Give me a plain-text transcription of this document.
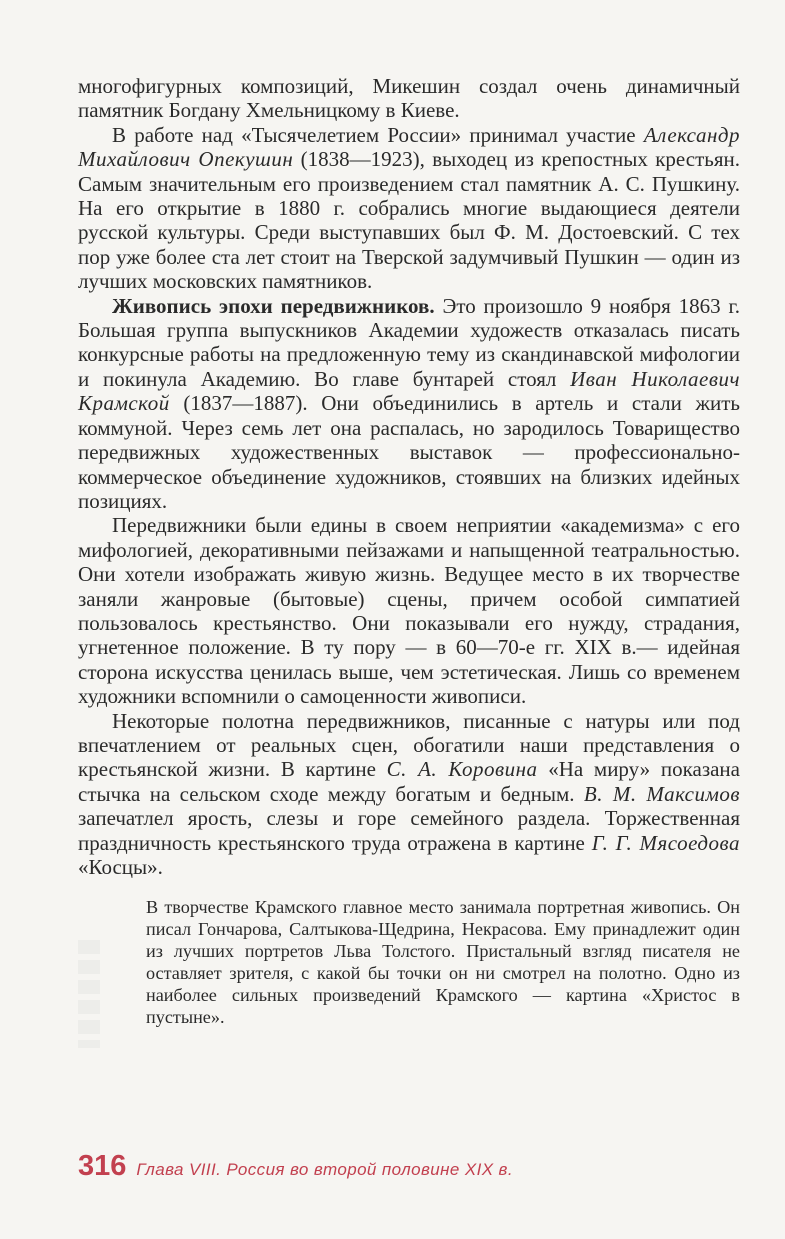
многофигурных композиций, Микешин создал очень динамичный памятник Богдану Хмельницкому в Киеве.

В работе над «Тысячелетием России» принимал участие Александр Михайлович Опекушин (1838—1923), выходец из крепостных крестьян. Самым значительным его произведением стал памятник А. С. Пушкину. На его открытие в 1880 г. собрались многие выдающиеся деятели русской культуры. Среди выступавших был Ф. М. Достоевский. С тех пор уже более ста лет стоит на Тверской задумчивый Пушкин — один из лучших московских памятников.

Живопись эпохи передвижников. Это произошло 9 ноября 1863 г. Большая группа выпускников Академии художеств отказалась писать конкурсные работы на предложенную тему из скандинавской мифологии и покинула Академию. Во главе бунтарей стоял Иван Николаевич Крамской (1837—1887). Они объединились в артель и стали жить коммуной. Через семь лет она распалась, но зародилось Товарищество передвижных художественных выставок — профессионально-коммерческое объединение художников, стоявших на близких идейных позициях.

Передвижники были едины в своем неприятии «академизма» с его мифологией, декоративными пейзажами и напыщенной театральностью. Они хотели изображать живую жизнь. Ведущее место в их творчестве заняли жанровые (бытовые) сцены, причем особой симпатией пользовалось крестьянство. Они показывали его нужду, страдания, угнетенное положение. В ту пору — в 60—70-е гг. XIX в.— идейная сторона искусства ценилась выше, чем эстетическая. Лишь со временем художники вспомнили о самоценности живописи.

Некоторые полотна передвижников, писанные с натуры или под впечатлением от реальных сцен, обогатили наши представления о крестьянской жизни. В картине С. А. Коровина «На миру» показана стычка на сельском сходе между богатым и бедным. В. М. Максимов запечатлел ярость, слезы и горе семейного раздела. Торжественная праздничность крестьянского труда отражена в картине Г. Г. Мясоедова «Косцы».

В творчестве Крамского главное место занимала портретная живопись. Он писал Гончарова, Салтыкова-Щедрина, Некрасова. Ему принадлежит один из лучших портретов Льва Толстого. Пристальный взгляд писателя не оставляет зрителя, с какой бы точки он ни смотрел на полотно. Одно из наиболее сильных произведений Крамского — картина «Христос в пустыне».

316 Глава VIII. Россия во второй половине XIX в.
